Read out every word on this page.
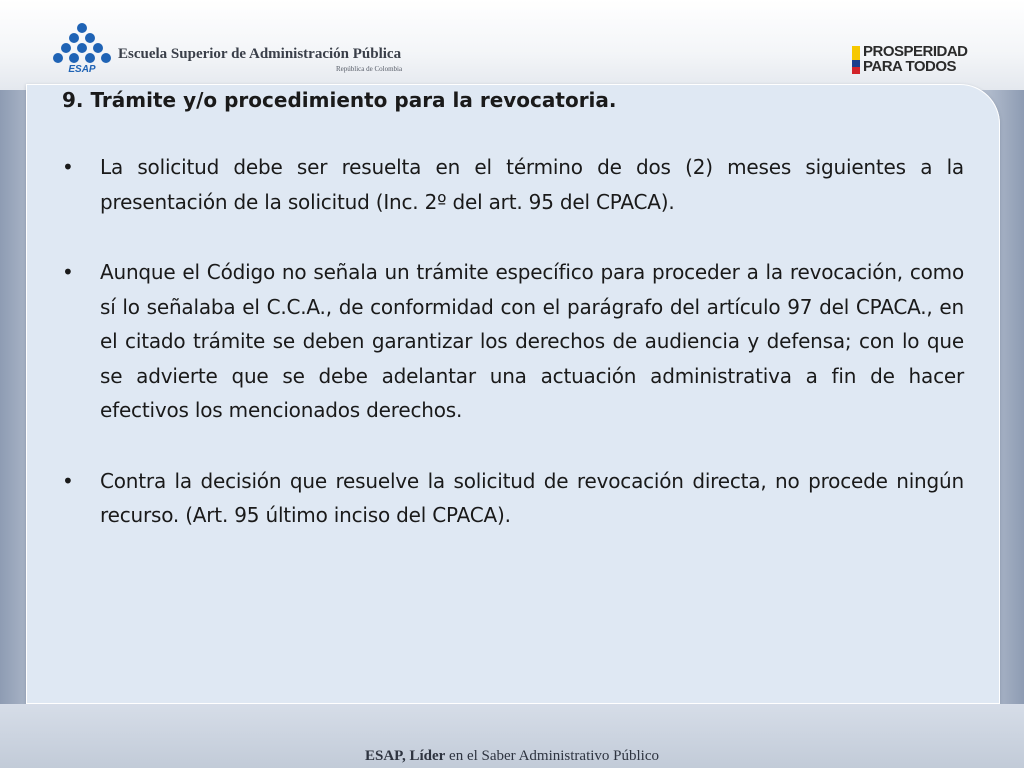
ESAP
Escuela Superior de Administración Pública
República de Colombia
PROSPERIDAD
PARA TODOS
9. Trámite y/o procedimiento para la revocatoria.
•	La solicitud debe ser resuelta en el término de dos (2) meses siguientes a la presentación de la solicitud (Inc. 2º del art. 95 del CPACA).
•	Aunque el Código no señala un trámite específico para proceder a la revocación, como sí lo señalaba el C.C.A., de conformidad con el parágrafo del artículo 97 del CPACA., en el citado trámite se deben garantizar los derechos de audiencia y defensa; con lo que se advierte que se debe adelantar una actuación administrativa a fin de hacer efectivos los mencionados derechos.
•	Contra la decisión que resuelve la solicitud de revocación directa, no procede ningún recurso. (Art. 95 último inciso del CPACA).
ESAP, Líder en el Saber Administrativo Público
